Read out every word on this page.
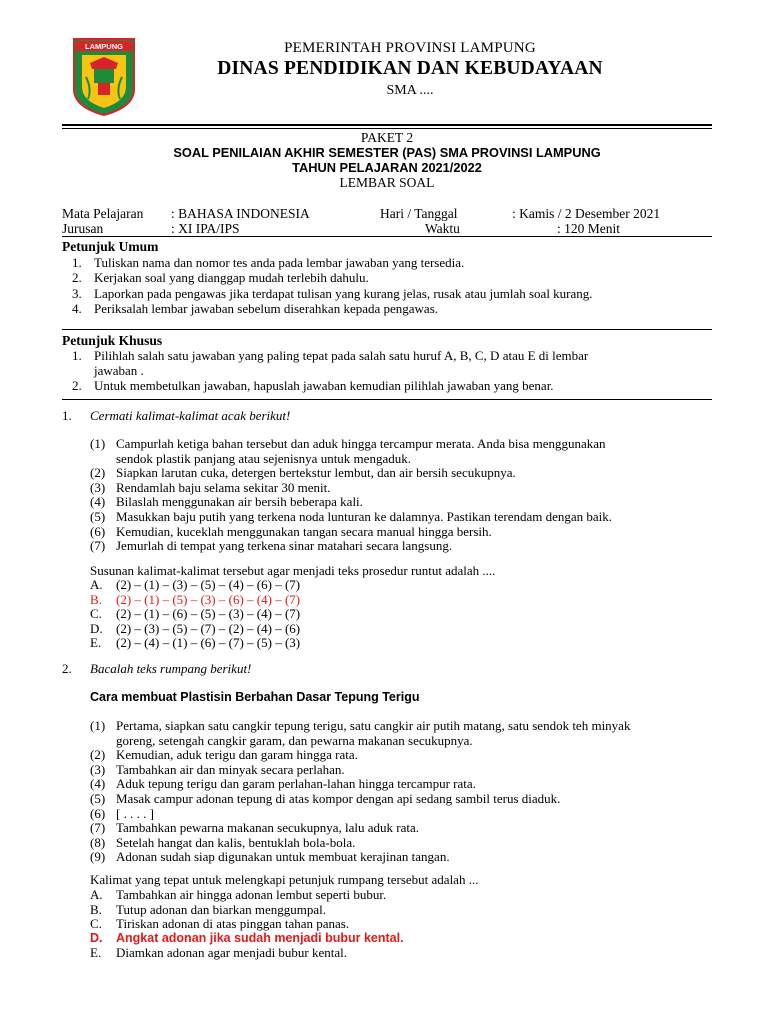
LAMPUNG	PEMERINTAH PROVINSI LAMPUNG
DINAS PENDIDIKAN DAN KEBUDAYAAN
SMA ....
PAKET 2
SOAL PENILAIAN AKHIR SEMESTER (PAS) SMA PROVINSI LAMPUNG
TAHUN PELAJARAN 2021/2022
LEMBAR SOAL
Mata Pelajaran : BAHASA INDONESIA	Hari / Tanggal	: Kamis / 2 Desember 2021
Jurusan	: XI IPA/IPS	Waktu	: 120 Menit
Petunjuk Umum
1. Tuliskan nama dan nomor tes anda pada lembar jawaban yang tersedia.
2. Kerjakan soal yang dianggap mudah terlebih dahulu.
3. Laporkan pada pengawas jika terdapat tulisan yang kurang jelas, rusak atau jumlah soal kurang.
4. Periksalah lembar jawaban sebelum diserahkan kepada pengawas.
Petunjuk Khusus
1. Pilihlah salah satu jawaban yang paling tepat pada salah satu huruf A, B, C, D atau E di lembar
jawaban .
2. Untuk membetulkan jawaban, hapuslah jawaban kemudian pilihlah jawaban yang benar.
1. Cermati kalimat-kalimat acak berikut!
(1) Campurlah ketiga bahan tersebut dan aduk hingga tercampur merata. Anda bisa menggunakan
sendok plastik panjang atau sejenisnya untuk mengaduk.
(2) Siapkan larutan cuka, detergen bertekstur lembut, dan air bersih secukupnya.
(3) Rendamlah baju selama sekitar 30 menit.
(4) Bilaslah menggunakan air bersih beberapa kali.
(5) Masukkan baju putih yang terkena noda lunturan ke dalamnya. Pastikan terendam dengan baik.
(6) Kemudian, kuceklah menggunakan tangan secara manual hingga bersih.
(7) Jemurlah di tempat yang terkena sinar matahari secara langsung.
Susunan kalimat-kalimat tersebut agar menjadi teks prosedur runtut adalah ....
A. (2) – (1) – (3) – (5) – (4) – (6) – (7)
B. (2) – (1) – (5) – (3) – (6) – (4) – (7)
C. (2) – (1) – (6) – (5) – (3) – (4) – (7)
D. (2) – (3) – (5) – (7) – (2) – (4) – (6)
E. (2) – (4) – (1) – (6) – (7) – (5) – (3)
2. Bacalah teks rumpang berikut!
Cara membuat Plastisin Berbahan Dasar Tepung Terigu
(1) Pertama, siapkan satu cangkir tepung terigu, satu cangkir air putih matang, satu sendok teh minyak
goreng, setengah cangkir garam, dan pewarna makanan secukupnya.
(2) Kemudian, aduk terigu dan garam hingga rata.
(3) Tambahkan air dan minyak secara perlahan.
(4) Aduk tepung terigu dan garam perlahan-lahan hingga tercampur rata.
(5) Masak campur adonan tepung di atas kompor dengan api sedang sambil terus diaduk.
(6) [ . . . . ]
(7) Tambahkan pewarna makanan secukupnya, lalu aduk rata.
(8) Setelah hangat dan kalis, bentuklah bola-bola.
(9) Adonan sudah siap digunakan untuk membuat kerajinan tangan.
Kalimat yang tepat untuk melengkapi petunjuk rumpang tersebut adalah ...
A. Tambahkan air hingga adonan lembut seperti bubur.
B. Tutup adonan dan biarkan menggumpal.
C. Tiriskan adonan di atas pinggan tahan panas.
D. Angkat adonan jika sudah menjadi bubur kental.
E. Diamkan adonan agar menjadi bubur kental.
